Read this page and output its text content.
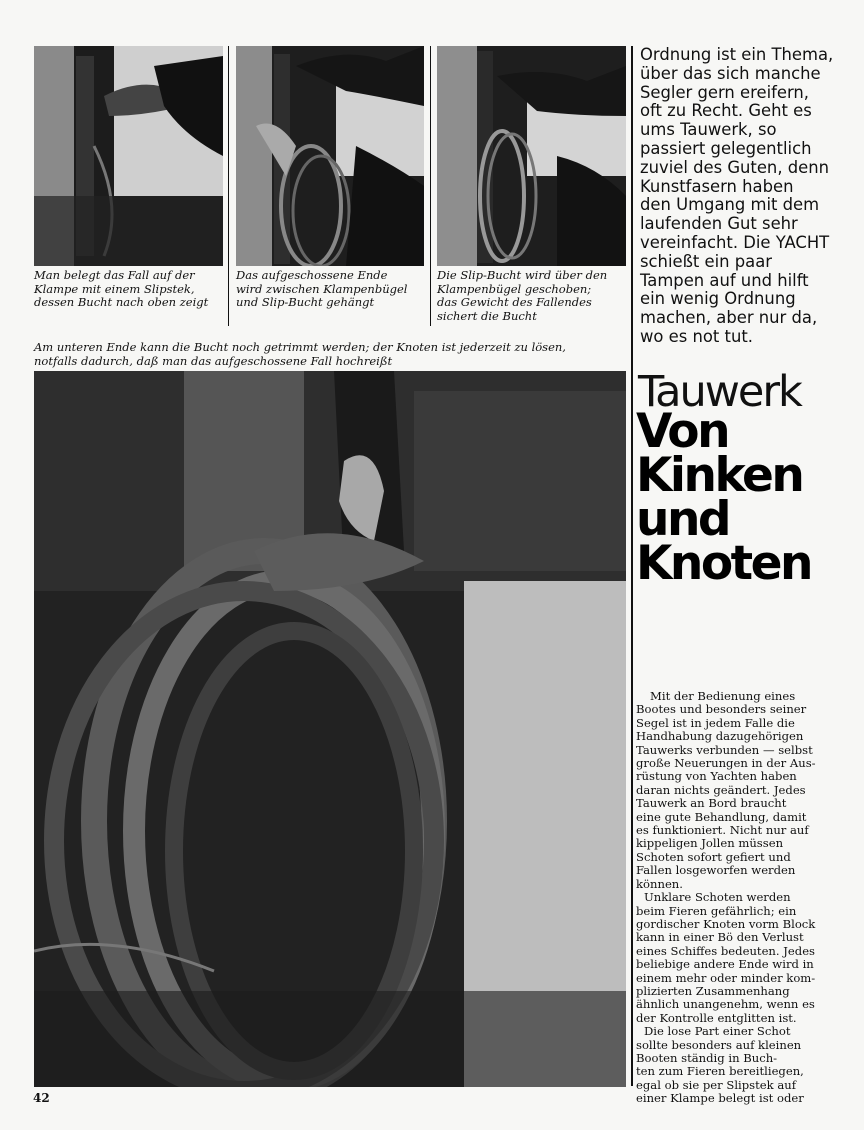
Man belegt das Fall auf der
Klampe mit einem Slipstek,
dessen Bucht nach oben zeigt
Das aufgeschossene Ende
wird zwischen Klampenbügel
und Slip-Bucht gehängt
Die Slip-Bucht wird über den
Klampenbügel geschoben;
das Gewicht des Fallendes
sichert die Bucht
Ordnung ist ein Thema,
über das sich manche
Segler gern ereifern,
oft zu Recht. Geht es
ums Tauwerk, so
passiert gelegentlich
zuviel des Guten, denn
Kunstfasern haben
den Umgang mit dem
laufenden Gut sehr
vereinfacht. Die YACHT
schießt ein paar
Tampen auf und hilft
ein wenig Ordnung
machen, aber nur da,
wo es not tut.
Am unteren Ende kann die Bucht noch getrimmt werden; der Knoten ist jederzeit zu lösen,
notfalls dadurch, daß man das aufgeschossene Fall hochreißt
Tauwerk
Von
Kinken
und
Knoten
Mit der Bedienung eines
Bootes und besonders seiner
Segel ist in jedem Falle die
Handhabung dazugehörigen
Tauwerks verbunden — selbst
große Neuerungen in der Aus-
rüstung von Yachten haben
daran nichts geändert. Jedes
Tauwerk an Bord braucht
eine gute Behandlung, damit
es funktioniert. Nicht nur auf
kippeligen Jollen müssen
Schoten sofort gefiert und
Fallen losgeworfen werden
können.
Unklare Schoten werden
beim Fieren gefährlich; ein
gordischer Knoten vorm Block
kann in einer Bö den Verlust
eines Schiffes bedeuten. Jedes
beliebige andere Ende wird in
einem mehr oder minder kom-
plizierten Zusammenhang
ähnlich unangenehm, wenn es
der Kontrolle entglitten ist.
Die lose Part einer Schot
sollte besonders auf kleinen
Booten ständig in Buch-
ten zum Fieren bereitliegen,
egal ob sie per Slipstek auf
einer Klampe belegt ist oder
42
